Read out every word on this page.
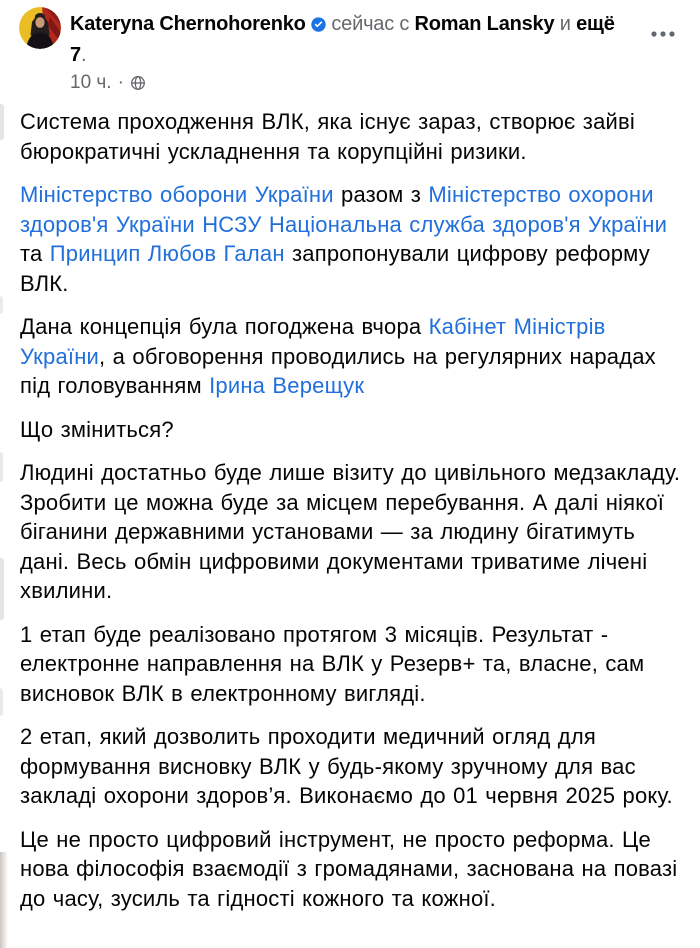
Kateryna Chernohorenko сейчас с Roman Lansky и ещё 7.
10 ч. ·

Система проходження ВЛК, яка існує зараз, створює зайві бюрократичні ускладнення та корупційні ризики.

Міністерство оборони України разом з Міністерство охорони здоров'я України НСЗУ Національна служба здоров'я України та Принцип Любов Галан запропонували цифрову реформу ВЛК.

Дана концепція була погоджена вчора Кабінет Міністрів України, а обговорення проводились на регулярних нарадах під головуванням Ірина Верещук

Що зміниться?

Людині достатньо буде лише візиту до цивільного медзакладу. Зробити це можна буде за місцем перебування. А далі ніякої біганини державними установами — за людину бігатимуть дані. Весь обмін цифровими документами триватиме лічені хвилини.

1 етап буде реалізовано протягом 3 місяців. Результат - електронне направлення на ВЛК у Резерв+ та, власне, сам висновок ВЛК в електронному вигляді.

2 етап, який дозволить проходити медичний огляд для формування висновку ВЛК у будь-якому зручному для вас закладі охорони здоров’я. Виконаємо до 01 червня 2025 року.

Це не просто цифровий інструмент, не просто реформа. Це нова філософія взаємодії з громадянами, заснована на повазі до часу, зусиль та гідності кожного та кожної.
